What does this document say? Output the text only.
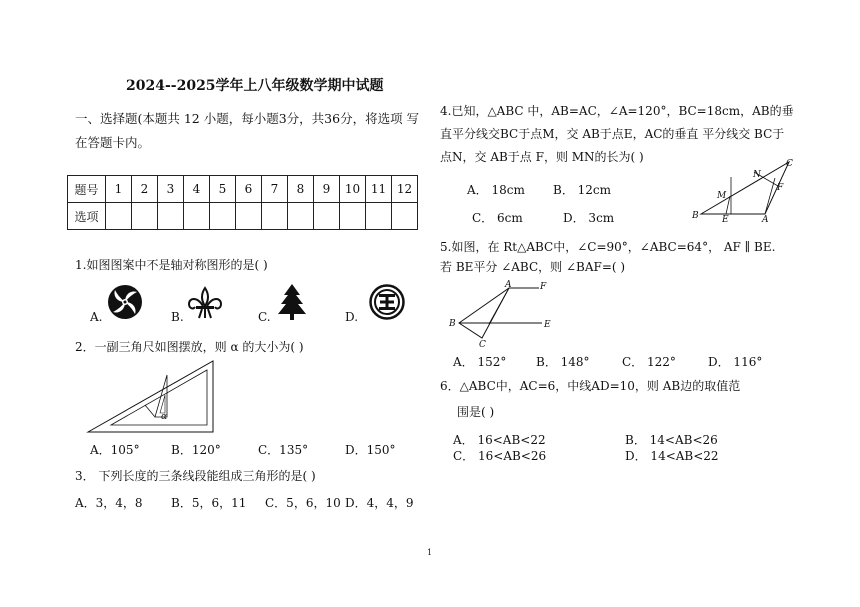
2024--2025学年上八年级数学期中试题
一、选择题(本题共 12 小题，每小题3分，共36分，将选项 写
在答题卡内。
题号	1	2	3	4	5	6	7	8	9	10	11	12
选项												
1.如图图案中不是轴对称图形的是( )
A.	B.	C.	D.
2．一副三角尺如图摆放，则 α 的大小为( )
α
A．105°	B．120°	C．135°	D．150°
3． 下列长度的三条线段能组成三角形的是( )
A．3，4，8 B．5，6，11 C．5，6，10 D．4，4，9
4.已知，△ABC 中，AB=AC，∠A=120°，BC=18cm，AB的垂
直平分线交BC于点M，交 AB于点E，AC的垂直 平分线交 BC于
点N，交 AB于点 F，则 MN的长为( )
A． 18cm B． 12cm
C． 6cm	D． 3cm	B	E	A
C
M
N
F
5.如图，在 Rt△ABC中，∠C=90°，∠ABC=64°， AF ∥ BE.
若 BE平分 ∠ABC，则 ∠BAF=( )
A	F
B	E
C
A． 152° B． 148°	C． 122°	D． 116°
6．△ABC中，AC=6，中线AD=10，则 AB边的取值范
围是( )
A． 16<AB<22	B． 14<AB<26
C． 16<AB<26	D． 14<AB<22
1
